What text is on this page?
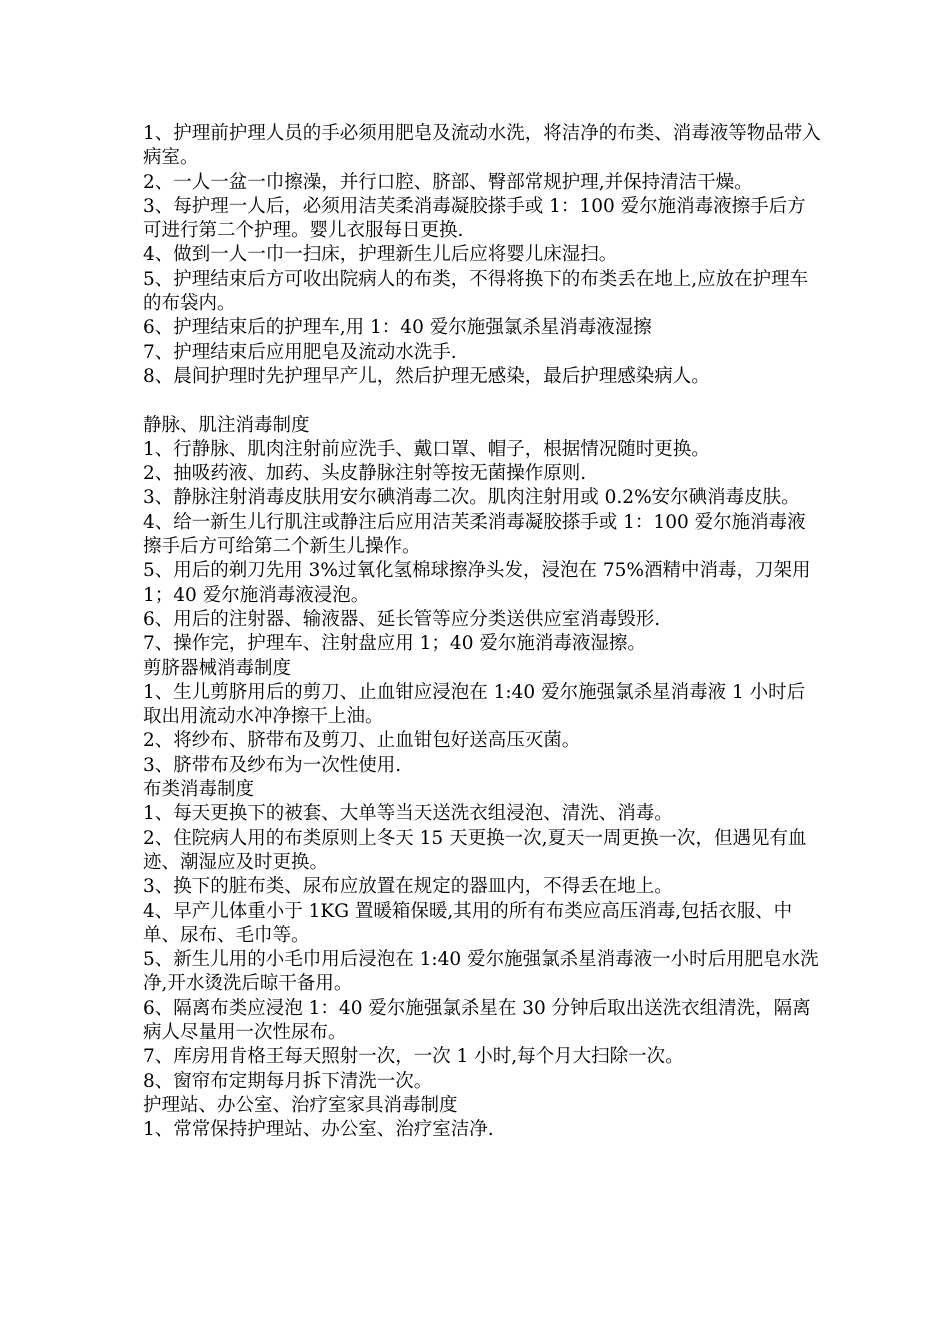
1、护理前护理人员的手必须用肥皂及流动水洗，将洁净的布类、消毒液等物品带入病室。
2、一人一盆一巾擦澡，并行口腔、脐部、臀部常规护理,并保持清洁干燥。
3、每护理一人后，必须用洁芙柔消毒凝胶搽手或 1：100 爱尔施消毒液擦手后方可进行第二个护理。婴儿衣服每日更换.
4、做到一人一巾一扫床，护理新生儿后应将婴儿床湿扫。
5、护理结束后方可收出院病人的布类，不得将换下的布类丢在地上,应放在护理车的布袋内。
6、护理结束后的护理车,用 1：40 爱尔施强氯杀星消毒液湿擦
7、护理结束后应用肥皂及流动水洗手.
8、晨间护理时先护理早产儿，然后护理无感染，最后护理感染病人。
静脉、肌注消毒制度
1、行静脉、肌肉注射前应洗手、戴口罩、帽子，根据情况随时更换。
2、抽吸药液、加药、头皮静脉注射等按无菌操作原则.
3、静脉注射消毒皮肤用安尔碘消毒二次。肌肉注射用或 0.2%安尔碘消毒皮肤。
4、给一新生儿行肌注或静注后应用洁芙柔消毒凝胶搽手或 1：100 爱尔施消毒液擦手后方可给第二个新生儿操作。
5、用后的剃刀先用 3%过氧化氢棉球擦净头发，浸泡在 75%酒精中消毒，刀架用 1；40 爱尔施消毒液浸泡。
6、用后的注射器、输液器、延长管等应分类送供应室消毒毁形.
7、操作完，护理车、注射盘应用 1；40 爱尔施消毒液湿擦。
剪脐器械消毒制度
1、生儿剪脐用后的剪刀、止血钳应浸泡在 1:40 爱尔施强氯杀星消毒液 1 小时后取出用流动水冲净擦干上油。
2、将纱布、脐带布及剪刀、止血钳包好送高压灭菌。
3、脐带布及纱布为一次性使用.
布类消毒制度
1、每天更换下的被套、大单等当天送洗衣组浸泡、清洗、消毒。
2、住院病人用的布类原则上冬天 15 天更换一次,夏天一周更换一次，但遇见有血迹、潮湿应及时更换。
3、换下的脏布类、尿布应放置在规定的器皿内，不得丢在地上。
4、早产儿体重小于 1KG 置暖箱保暖,其用的所有布类应高压消毒,包括衣服、中单、尿布、毛巾等。
5、新生儿用的小毛巾用后浸泡在 1:40 爱尔施强氯杀星消毒液一小时后用肥皂水洗净,开水烫洗后晾干备用。
6、隔离布类应浸泡 1：40 爱尔施强氯杀星在 30 分钟后取出送洗衣组清洗，隔离病人尽量用一次性尿布。
7、库房用肯格王每天照射一次，一次 1 小时,每个月大扫除一次。
8、窗帘布定期每月拆下清洗一次。
护理站、办公室、治疗室家具消毒制度
1、常常保持护理站、办公室、治疗室洁净.
